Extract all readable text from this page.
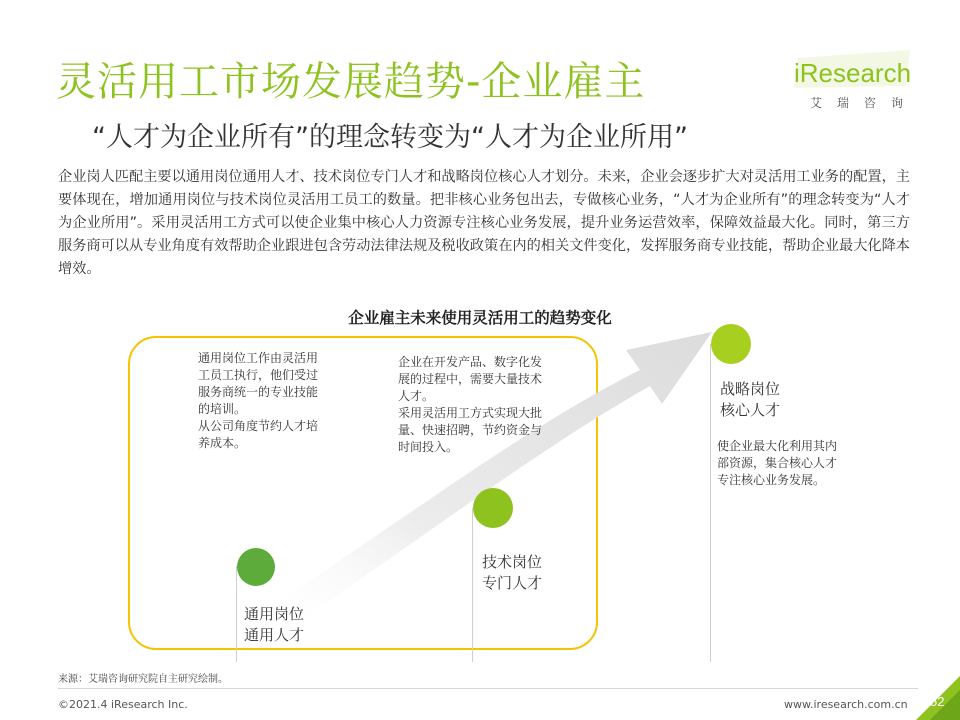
灵活用工市场发展趋势-企业雇主
“人才为企业所有”的理念转变为“人才为企业所用”
iResearch
艾瑞咨询
企业岗人匹配主要以通用岗位通用人才、技术岗位专门人才和战略岗位核心人才划分。未来，企业会逐步扩大对灵活用工业务的配置，主要体现在，增加通用岗位与技术岗位灵活用工员工的数量。把非核心业务包出去，专做核心业务，“人才为企业所有”的理念转变为“人才为企业所用”。采用灵活用工方式可以使企业集中核心人力资源专注核心业务发展，提升业务运营效率，保障效益最大化。同时，第三方服务商可以从专业角度有效帮助企业跟进包含劳动法律法规及税收政策在内的相关文件变化，发挥服务商专业技能，帮助企业最大化降本增效。
企业雇主未来使用灵活用工的趋势变化
通用岗位工作由灵活用
工员工执行，他们受过
服务商统一的专业技能
的培训。
从公司角度节约人才培
养成本。
通用岗位
通用人才
企业在开发产品、数字化发
展的过程中，需要大量技术
人才。
采用灵活用工方式实现大批
量、快速招聘，节约资金与
时间投入。
技术岗位
专门人才
战略岗位
核心人才
使企业最大化利用其内
部资源，集合核心人才
专注核心业务发展。
来源：艾瑞咨询研究院自主研究绘制。
©2021.4 iResearch Inc.	www.iresearch.com.cn 52
